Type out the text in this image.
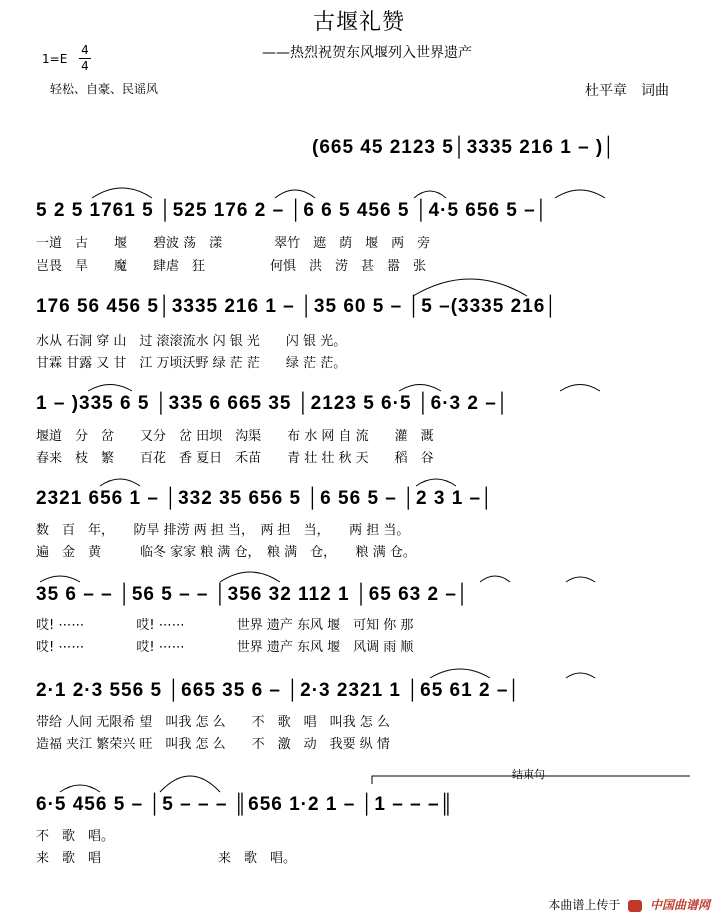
古堰礼赞
——热烈祝贺东风堰列入世界遗产
1=E
4
4
轻松、自豪、民谣风	杜平章　词曲
(665 45 2123 5│3335 216 1 – )│
5 2 5 1761 5 │525 176 2 – │6 6 5 456 5 │4·5 656 5 –│
一道　古　　堰　　碧波 荡　漾　　　　翠竹　遮　荫　堰　两　旁
岂畏　旱　　魔　　肆虐　狂　　　　　何惧　洪　涝　甚　嚣　张
176 56 456 5│3335 216 1 – │35 60 5 – │5 –(3335 216│
水从 石洞 穿 山　过 滚滚流水 闪 银 光　　闪 银 光。
甘霖 甘露 又 甘　江 万顷沃野 绿 茫 茫　　绿 茫 茫。
1 – )335 6 5 │335 6 665 35 │2123 5 6·5 │6·3 2 –│
堰道　分　岔　　又分　岔 田坝　沟渠　　布 水 网 自 流　　灌　溉
春来　枝　繁　　百花　香 夏日　禾苗　　青 壮 壮 秋 天　　稻　谷
2321 656 1 – │332 35 656 5 │6 56 5 – │2 3 1 –│
数　百　年，　　防旱 排涝 两 担 当，　两 担　当，　　两 担 当。
遍　金　黄　　　临冬 家家 粮 满 仓，　粮 满　仓，　　粮 满 仓。
35 6 – – │56 5 – – │356 32 112 1 │65 63 2 –│
哎! ⋯⋯　　　　哎! ⋯⋯　　　　世界 遗产 东风 堰　可知 你 那
哎! ⋯⋯　　　　哎! ⋯⋯　　　　世界 遗产 东风 堰　风调 雨 顺
2·1 2·3 556 5 │665 35 6 – │2·3 2321 1 │65 61 2 –│
带给 人间 无限希 望　叫我 怎 么　　不　歌　唱　叫我 怎 么
造福 夹江 繁荣兴 旺　叫我 怎 么　　不　激　动　我要 纵 情
结束句
6·5 456 5 – │5 – – – ║656 1·2 1 – │1 – – –║
不　歌　唱。
来　歌　唱　　　　　　　　　来　歌　唱。
本曲谱上传于 中国曲谱网
